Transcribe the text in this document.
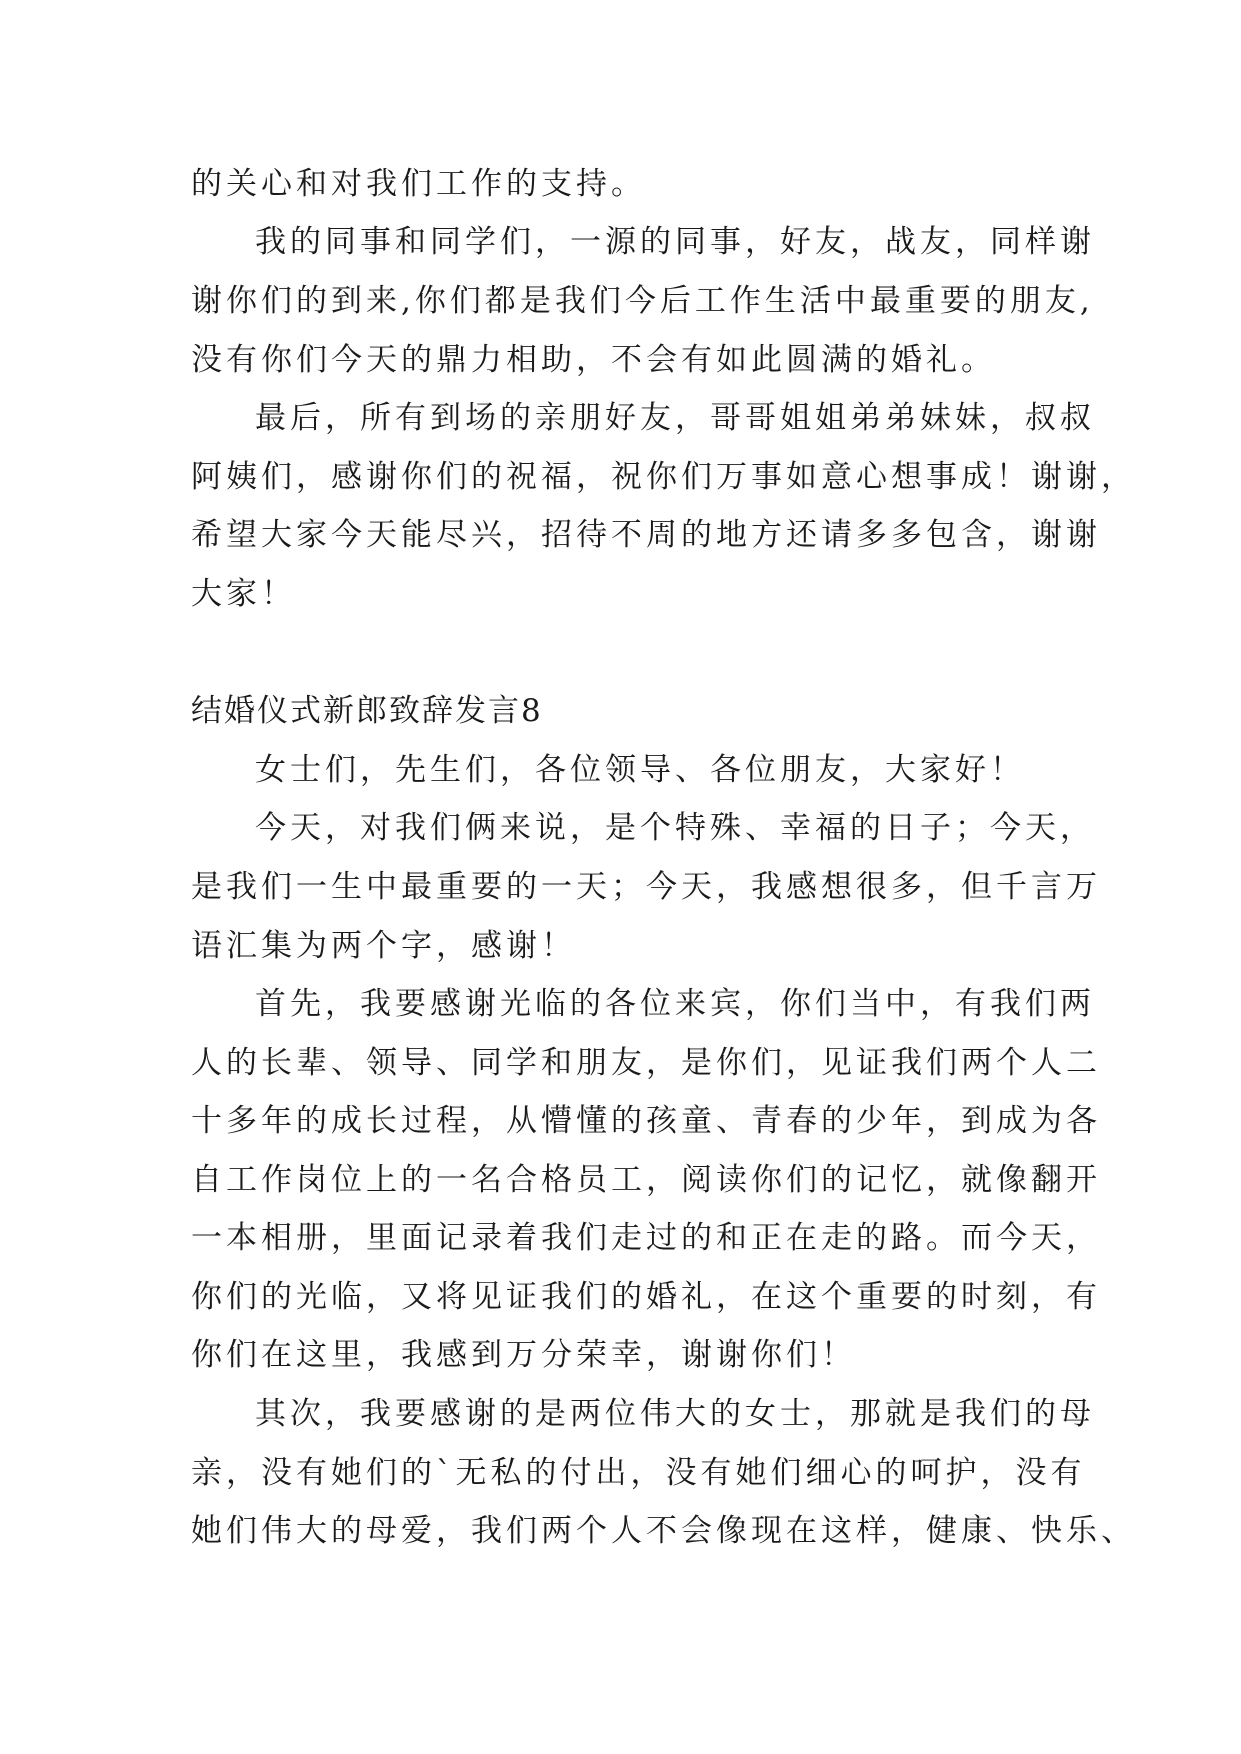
的关心和对我们工作的支持。
我的同事和同学们，一源的同事，好友，战友，同样谢
谢你们的到来,你们都是我们今后工作生活中最重要的朋友,
没有你们今天的鼎力相助，不会有如此圆满的婚礼。
最后，所有到场的亲朋好友，哥哥姐姐弟弟妹妹，叔叔
阿姨们，感谢你们的祝福，祝你们万事如意心想事成！谢谢，
希望大家今天能尽兴，招待不周的地方还请多多包含，谢谢
大家！
结婚仪式新郎致辞发言8
女士们，先生们，各位领导、各位朋友，大家好！
今天，对我们俩来说，是个特殊、幸福的日子；今天，
是我们一生中最重要的一天；今天，我感想很多，但千言万
语汇集为两个字，感谢！
首先，我要感谢光临的各位来宾，你们当中，有我们两
人的长辈、领导、同学和朋友，是你们，见证我们两个人二
十多年的成长过程，从懵懂的孩童、青春的少年，到成为各
自工作岗位上的一名合格员工，阅读你们的记忆，就像翻开
一本相册，里面记录着我们走过的和正在走的路。而今天，
你们的光临，又将见证我们的婚礼，在这个重要的时刻，有
你们在这里，我感到万分荣幸，谢谢你们！
其次，我要感谢的是两位伟大的女士，那就是我们的母
亲，没有她们的`无私的付出，没有她们细心的呵护，没有
她们伟大的母爱，我们两个人不会像现在这样，健康、快乐、
